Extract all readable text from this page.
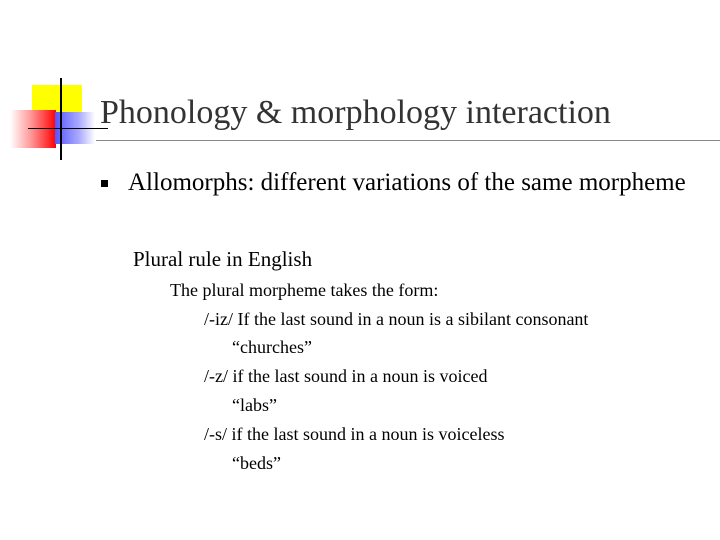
Phonology & morphology interaction
Allomorphs: different variations of the same morpheme
Plural rule in English
The plural morpheme takes the form:
/-iz/ If the last sound in a noun is a sibilant consonant
“churches”
/-z/ if the last sound in a noun is voiced
“labs”
/-s/ if the last sound in a noun is voiceless
“beds”
